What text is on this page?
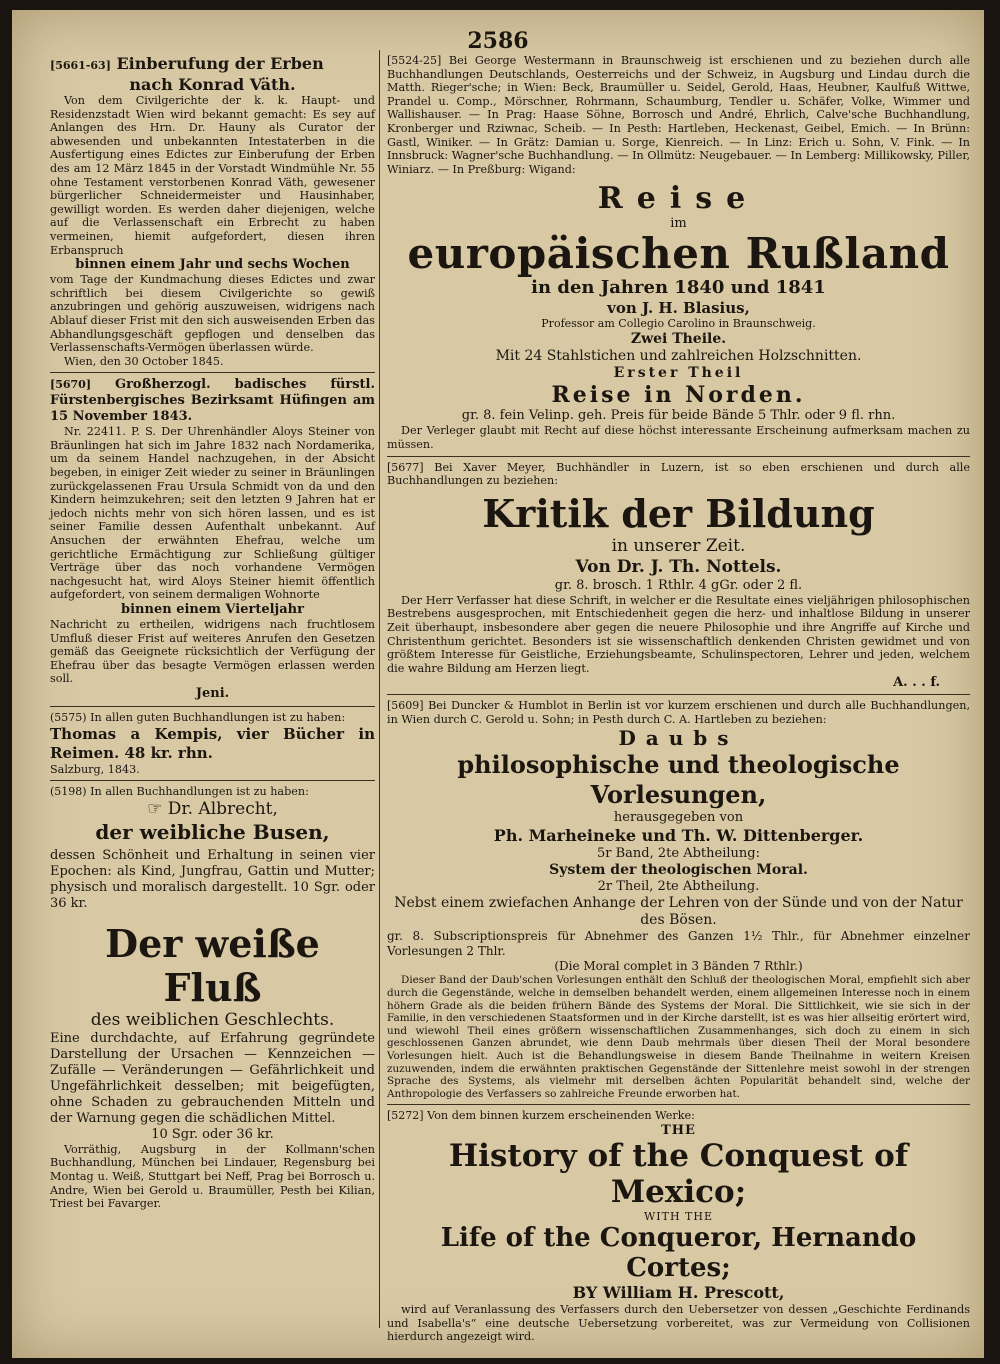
2586
[5661-63] Einberufung der Erben
nach Konrad Väth.

Von dem Civilgerichte der k. k. Haupt- und Residenzstadt Wien wird bekannt gemacht: Es sey auf Anlangen des Hrn. Dr. Hauny als Curator der abwesenden und unbekannten Intestaterben in die Ausfertigung eines Edictes zur Einberufung der Erben des am 12 März 1845 in der Vorstadt Windmühle Nr. 55 ohne Testament verstorbenen Konrad Väth, gewesener bürgerlicher Schneidermeister und Hausinhaber, gewilligt worden. Es werden daher diejenigen, welche auf die Verlassenschaft ein Erbrecht zu haben vermeinen, hiemit aufgefordert, diesen ihren Erbanspruch

binnen einem Jahr und sechs Wochen

vom Tage der Kundmachung dieses Edictes und zwar schriftlich bei diesem Civilgerichte so gewiß anzubringen und gehörig auszuweisen, widrigens nach Ablauf dieser Frist mit den sich ausweisenden Erben das Abhandlungsgeschäft gepflogen und denselben das Verlassenschafts-Vermögen überlassen würde.

Wien, den 30 October 1845.

[5670] Großherzogl. badisches fürstl. Fürstenbergisches Bezirksamt Hüfingen am 15 November 1843.

Nr. 22411. P. S. Der Uhrenhändler Aloys Steiner von Bräunlingen hat sich im Jahre 1832 nach Nordamerika, um da seinem Handel nachzugehen, in der Absicht begeben, in einiger Zeit wieder zu seiner in Bräunlingen zurückgelassenen Frau Ursula Schmidt von da und den Kindern heimzukehren; seit den letzten 9 Jahren hat er jedoch nichts mehr von sich hören lassen, und es ist seiner Familie dessen Aufenthalt unbekannt. Auf Ansuchen der erwähnten Ehefrau, welche um gerichtliche Ermächtigung zur Schließung gültiger Verträge über das noch vorhandene Vermögen nachgesucht hat, wird Aloys Steiner hiemit öffentlich aufgefordert, von seinem dermaligen Wohnorte

binnen einem Vierteljahr

Nachricht zu ertheilen, widrigens nach fruchtlosem Umfluß dieser Frist auf weiteres Anrufen den Gesetzen gemäß das Geeignete rücksichtlich der Verfügung der Ehefrau über das besagte Vermögen erlassen werden soll.

Jeni.

(5575) In allen guten Buchhandlungen ist zu haben:

Thomas a Kempis, vier Bücher in Reimen. 48 kr. rhn.

Salzburg, 1843.

(5198) In allen Buchhandlungen ist zu haben:

☞ Dr. Albrecht,

der weibliche Busen,

dessen Schönheit und Erhaltung in seinen vier Epochen: als Kind, Jungfrau, Gattin und Mutter; physisch und moralisch dargestellt. 10 Sgr. oder 36 kr.

Der weiße Fluß

des weiblichen Geschlechts.

Eine durchdachte, auf Erfahrung gegründete Darstellung der Ursachen — Kennzeichen — Zufälle — Veränderungen — Gefährlichkeit und Ungefährlichkeit desselben; mit beigefügten, ohne Schaden zu gebrauchenden Mitteln und der Warnung gegen die schädlichen Mittel.

10 Sgr. oder 36 kr.

Vorräthig, Augsburg in der Kollmann'schen Buchhandlung, München bei Lindauer, Regensburg bei Montag u. Weiß, Stuttgart bei Neff, Prag bei Borrosch u. Andre, Wien bei Gerold u. Braumüller, Pesth bei Kilian, Triest bei Favarger.

[5524-25] Bei George Westermann in Braunschweig ist erschienen und zu beziehen durch alle Buchhandlungen Deutschlands, Oesterreichs und der Schweiz, in Augsburg und Lindau durch die Matth. Rieger'sche; in Wien: Beck, Braumüller u. Seidel, Gerold, Haas, Heubner, Kaulfuß Wittwe, Prandel u. Comp., Mörschner, Rohrmann, Schaumburg, Tendler u. Schäfer, Volke, Wimmer und Wallishauser. — In Prag: Haase Söhne, Borrosch und André, Ehrlich, Calve'sche Buchhandlung, Kronberger und Rziwnac, Scheib. — In Pesth: Hartleben, Heckenast, Geibel, Emich. — In Brünn: Gastl, Winiker. — In Grätz: Damian u. Sorge, Kienreich. — In Linz: Erich u. Sohn, V. Fink. — In Innsbruck: Wagner'sche Buchhandlung. — In Ollmütz: Neugebauer. — In Lemberg: Millikowsky, Piller, Winiarz. — In Preßburg: Wigand:

Reise

im

europäischen Rußland

in den Jahren 1840 und 1841

von J. H. Blasius,

Professor am Collegio Carolino in Braunschweig.

Zwei Theile.

Mit 24 Stahlstichen und zahlreichen Holzschnitten.

Erster Theil

Reise in Norden.

gr. 8. fein Velinp. geh. Preis für beide Bände 5 Thlr. oder 9 fl. rhn.

Der Verleger glaubt mit Recht auf diese höchst interessante Erscheinung aufmerksam machen zu müssen.

[5677] Bei Xaver Meyer, Buchhändler in Luzern, ist so eben erschienen und durch alle Buchhandlungen zu beziehen:

Kritik der Bildung

in unserer Zeit.

Von Dr. J. Th. Nottels.

gr. 8. brosch. 1 Rthlr. 4 gGr. oder 2 fl.

Der Herr Verfasser hat diese Schrift, in welcher er die Resultate eines vieljährigen philosophischen Bestrebens ausgesprochen, mit Entschiedenheit gegen die herz- und inhaltlose Bildung in unserer Zeit überhaupt, insbesondere aber gegen die neuere Philosophie und ihre Angriffe auf Kirche und Christenthum gerichtet. Besonders ist sie wissenschaftlich denkenden Christen gewidmet und von größtem Interesse für Geistliche, Erziehungsbeamte, Schulinspectoren, Lehrer und jeden, welchem die wahre Bildung am Herzen liegt.

A. . . f.

[5609] Bei Duncker & Humblot in Berlin ist vor kurzem erschienen und durch alle Buchhandlungen, in Wien durch C. Gerold u. Sohn; in Pesth durch C. A. Hartleben zu beziehen:

Daubs

philosophische und theologische Vorlesungen,

herausgegeben von

Ph. Marheineke und Th. W. Dittenberger.

5r Band, 2te Abtheilung:

System der theologischen Moral.

2r Theil, 2te Abtheilung.

Nebst einem zwiefachen Anhange der Lehren von der Sünde und von der Natur des Bösen.

gr. 8. Subscriptionspreis für Abnehmer des Ganzen 1½ Thlr., für Abnehmer einzelner Vorlesungen 2 Thlr.

(Die Moral complet in 3 Bänden 7 Rthlr.)

Dieser Band der Daub'schen Vorlesungen enthält den Schluß der theologischen Moral, empfiehlt sich aber durch die Gegenstände, welche in demselben behandelt werden, einem allgemeinen Interesse noch in einem höhern Grade als die beiden frühern Bände des Systems der Moral. Die Sittlichkeit, wie sie sich in der Familie, in den verschiedenen Staatsformen und in der Kirche darstellt, ist es was hier allseitig erörtert wird, und wiewohl Theil eines größern wissenschaftlichen Zusammenhanges, sich doch zu einem in sich geschlossenen Ganzen abrundet, wie denn Daub mehrmals über diesen Theil der Moral besondere Vorlesungen hielt. Auch ist die Behandlungsweise in diesem Bande Theilnahme in weitern Kreisen zuzuwenden, indem die erwähnten praktischen Gegenstände der Sittenlehre meist sowohl in der strengen Sprache des Systems, als vielmehr mit derselben ächten Popularität behandelt sind, welche der Anthropologie des Verfassers so zahlreiche Freunde erworben hat.

[5272] Von dem binnen kurzem erscheinenden Werke:

THE

History of the Conquest of Mexico;

WITH THE

Life of the Conqueror, Hernando Cortes;

BY William H. Prescott,

wird auf Veranlassung des Verfassers durch den Uebersetzer von dessen „Geschichte Ferdinands und Isabella's“ eine deutsche Uebersetzung vorbereitet, was zur Vermeidung von Collisionen hierdurch angezeigt wird.
